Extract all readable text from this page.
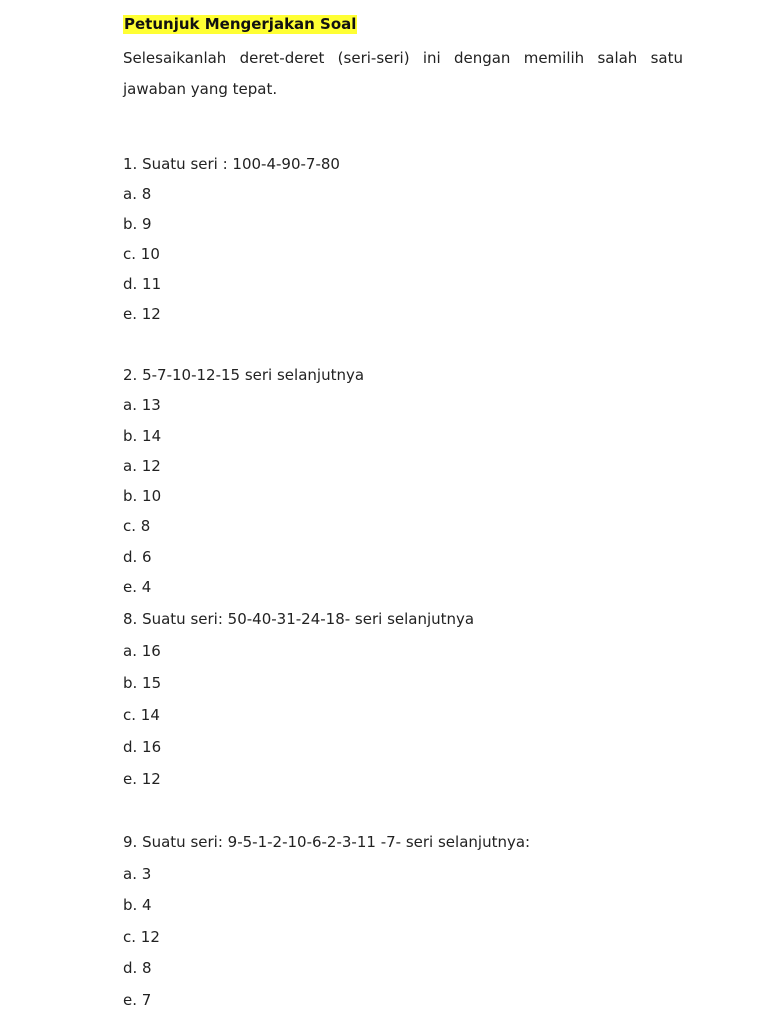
Petunjuk Mengerjakan Soal

Selesaikanlah deret-deret (seri-seri) ini dengan memilih salah satu jawaban yang tepat.

1. Suatu seri : 100-4-90-7-80

a. 8

b. 9

c. 10

d. 11

e. 12

2. 5-7-10-12-15 seri selanjutnya

a. 13

b. 14

a. 12

b. 10

c. 8

d. 6

e. 4

8. Suatu seri: 50-40-31-24-18- seri selanjutnya

a. 16

b. 15

c. 14

d. 16

e. 12

9. Suatu seri: 9-5-1-2-10-6-2-3-11 -7- seri selanjutnya:

a. 3

b. 4

c. 12

d. 8

e. 7
